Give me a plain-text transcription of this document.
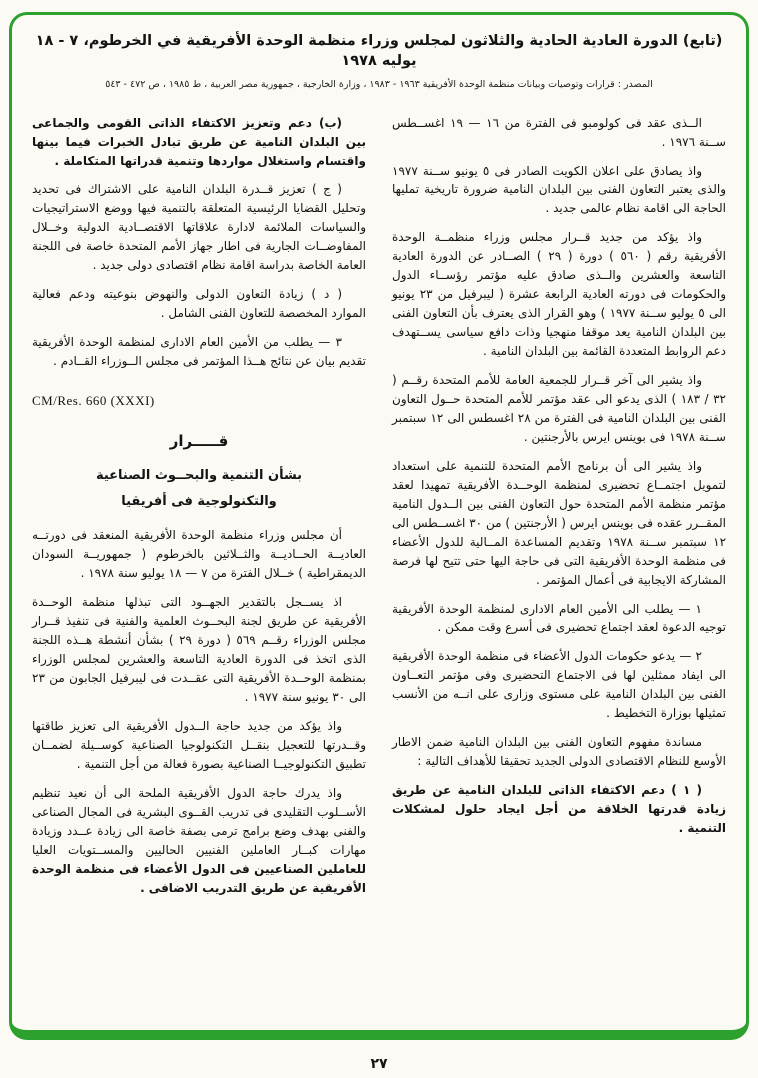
(تابع) الدورة العادية الحادية والثلاثون لمجلس وزراء منظمة الوحدة الأفريقية في الخرطوم، ٧ - ١٨ يوليه ١٩٧٨
المصدر : قرارات وتوصيات وبيانات منظمة الوحدة الأفريقية ١٩٦٣ - ١٩٨٣ ، وزارة الخارجية ، جمهورية مصر العربية ، ط ١٩٨٥ ، ص ٤٧٢ - ٥٤٣

الــذى عقد فى كولومبو فى الفترة من ١٦ — ١٩ اغســطس ســنة ١٩٧٦ .

واذ يصادق على اعلان الكويت الصادر فى ٥ يونيو ســنة ١٩٧٧ والذى يعتبر التعاون الفنى بين البلدان النامية ضرورة تاريخية تمليها الحاجة الى اقامة نظام عالمى جديد .

واذ يؤكد من جديد قــرار مجلس وزراء منظمــة الوحدة الأفريقية رقم ( ٥٦٠ ) دورة ( ٢٩ ) الصــادر عن الدورة العادية التاسعة والعشرين والــذى صادق عليه مؤتمر رؤســاء الدول والحكومات فى دورته العادية الرابعة عشرة ( ليبرفيل من ٢٣ يونيو الى ٥ يوليو ســنة ١٩٧٧ ) وهو القرار الذى يعترف بأن التعاون الفنى بين البلدان النامية يعد موقفا منهجيا وذات دافع سياسى يســتهدف دعم الروابط المتعددة القائمة بين البلدان النامية .

واذ يشير الى آخر قــرار للجمعية العامة للأمم المتحدة رقــم ( ٣٢ / ١٨٣ ) الذى يدعو الى عقد مؤتمر للأمم المتحدة حــول التعاون الفنى بين البلدان النامية فى الفترة من ٢٨ اغسطس الى ١٢ سبتمبر ســنة ١٩٧٨ فى بوينس ايرس بالأرجنتين .

واذ يشير الى أن برنامج الأمم المتحدة للتنمية على استعداد لتمويل اجتمــاع تحضيرى لمنظمة الوحــدة الأفريقية تمهيدا لعقد مؤتمر منظمة الأمم المتحدة حول التعاون الفنى بين الــدول النامية المقــرر عقده فى بوينس ايرس ( الأرجنتين ) من ٣٠ اغســطس الى ١٢ سبتمبر ســنة ١٩٧٨ وتقديم المساعدة المــالية للدول الأعضاء فى منظمة الوحدة الأفريقية التى فى حاجة اليها حتى تتيح لها فرصة المشاركة الايجابية فى أعمال المؤتمر .

١ — يطلب الى الأمين العام الادارى لمنظمة الوحدة الأفريقية توجيه الدعوة لعقد اجتماع تحضيرى فى أسرع وقت ممكن .

٢ — يدعو حكومات الدول الأعضاء فى منظمة الوحدة الأفريقية الى ايفاد ممثلين لها فى الاجتماع التحضيرى وفى مؤتمر التعــاون الفنى بين البلدان النامية على مستوى وزارى على انــه من الأنسب تمثيلها بوزارة التخطيط .

مساندة مفهوم التعاون الفنى بين البلدان النامية ضمن الاطار الأوسع للنظام الاقتصادى الدولى الجديد تحقيقا للأهداف التالية :

( ١ ) دعم الاكتفاء الذاتى للبلدان النامية عن طريق زيادة قدرتها الخلاقة من أجل ايجاد حلول لمشكلات التنمية .

(ب) دعم وتعزيز الاكتفاء الذاتى القومى والجماعى بين البلدان النامية عن طريق تبادل الخبرات فيما بينها واقتسام واستغلال مواردها وتنمية قدراتها المتكاملة .

( ج ) تعزيز قــدرة البلدان النامية على الاشتراك فى تحديد وتحليل القضايا الرئيسية المتعلقة بالتنمية فيها ووضع الاستراتيجيات والسياسات الملائمة لادارة علاقاتها الاقتصــادية الدولية وخــلال المفاوضــات الجارية فى اطار جهاز الأمم المتحدة خاصة فى اللجنة العامة الخاصة بدراسة اقامة نظام اقتصادى دولى جديد .

( د ) زيادة التعاون الدولى والنهوض بنوعيته ودعم فعالية الموارد المخصصة للتعاون الفنى الشامل .

٣ — يطلب من الأمين العام الادارى لمنظمة الوحدة الأفريقية تقديم بيان عن نتائج هــذا المؤتمر فى مجلس الــوزراء القــادم .

CM/Res. 660 (XXXI)
قـــــرار
بشأن التنمية والبحــوث الصناعية
والتكنولوجية فى أفريقيا

أن مجلس وزراء منظمة الوحدة الأفريقية المنعقد فى دورتــه العاديــة الحــاديــة والثــلاثين بالخرطوم ( جمهوريــة السودان الديمقراطية ) خــلال الفترة من ٧ — ١٨ يوليو سنة ١٩٧٨ .

اذ يســجل بالتقدير الجهــود التى تبذلها منظمة الوحــدة الأفريقية عن طريق لجنة البحــوث العلمية والفنية فى تنفيذ قــرار مجلس الوزراء رقــم ٥٦٩ ( دورة ٢٩ ) بشأن أنشطة هــذه اللجنة الذى اتخذ فى الدورة العادية التاسعة والعشرين لمجلس الوزراء بمنظمة الوحــدة الأفريقية التى عقــدت فى ليبرفيل الجابون من ٢٣ الى ٣٠ يونيو سنة ١٩٧٧ .

واذ يؤكد من جديد حاجة الــدول الأفريقية الى تعزيز طاقتها وقــدرتها للتعجيل بنقــل التكنولوجيا الصناعية كوســيلة لضمــان تطبيق التكنولوجيــا الصناعية بصورة فعالة من أجل التنمية .

واذ يدرك حاجة الدول الأفريقية الملحة الى أن نعيد تنظيم الأســلوب التقليدى فى تدريب القــوى البشرية فى المجال الصناعى والفنى بهدف وضع برامج ترمى بصفة خاصة الى زيادة عــدد وزيادة مهارات كبــار العاملين الفنيين الحاليين والمســتويات العليا للعاملين الصناعيين فى الدول الأعضاء فى منظمة الوحدة الأفريقية عن طريق التدريب الاضافى .

٢٧
